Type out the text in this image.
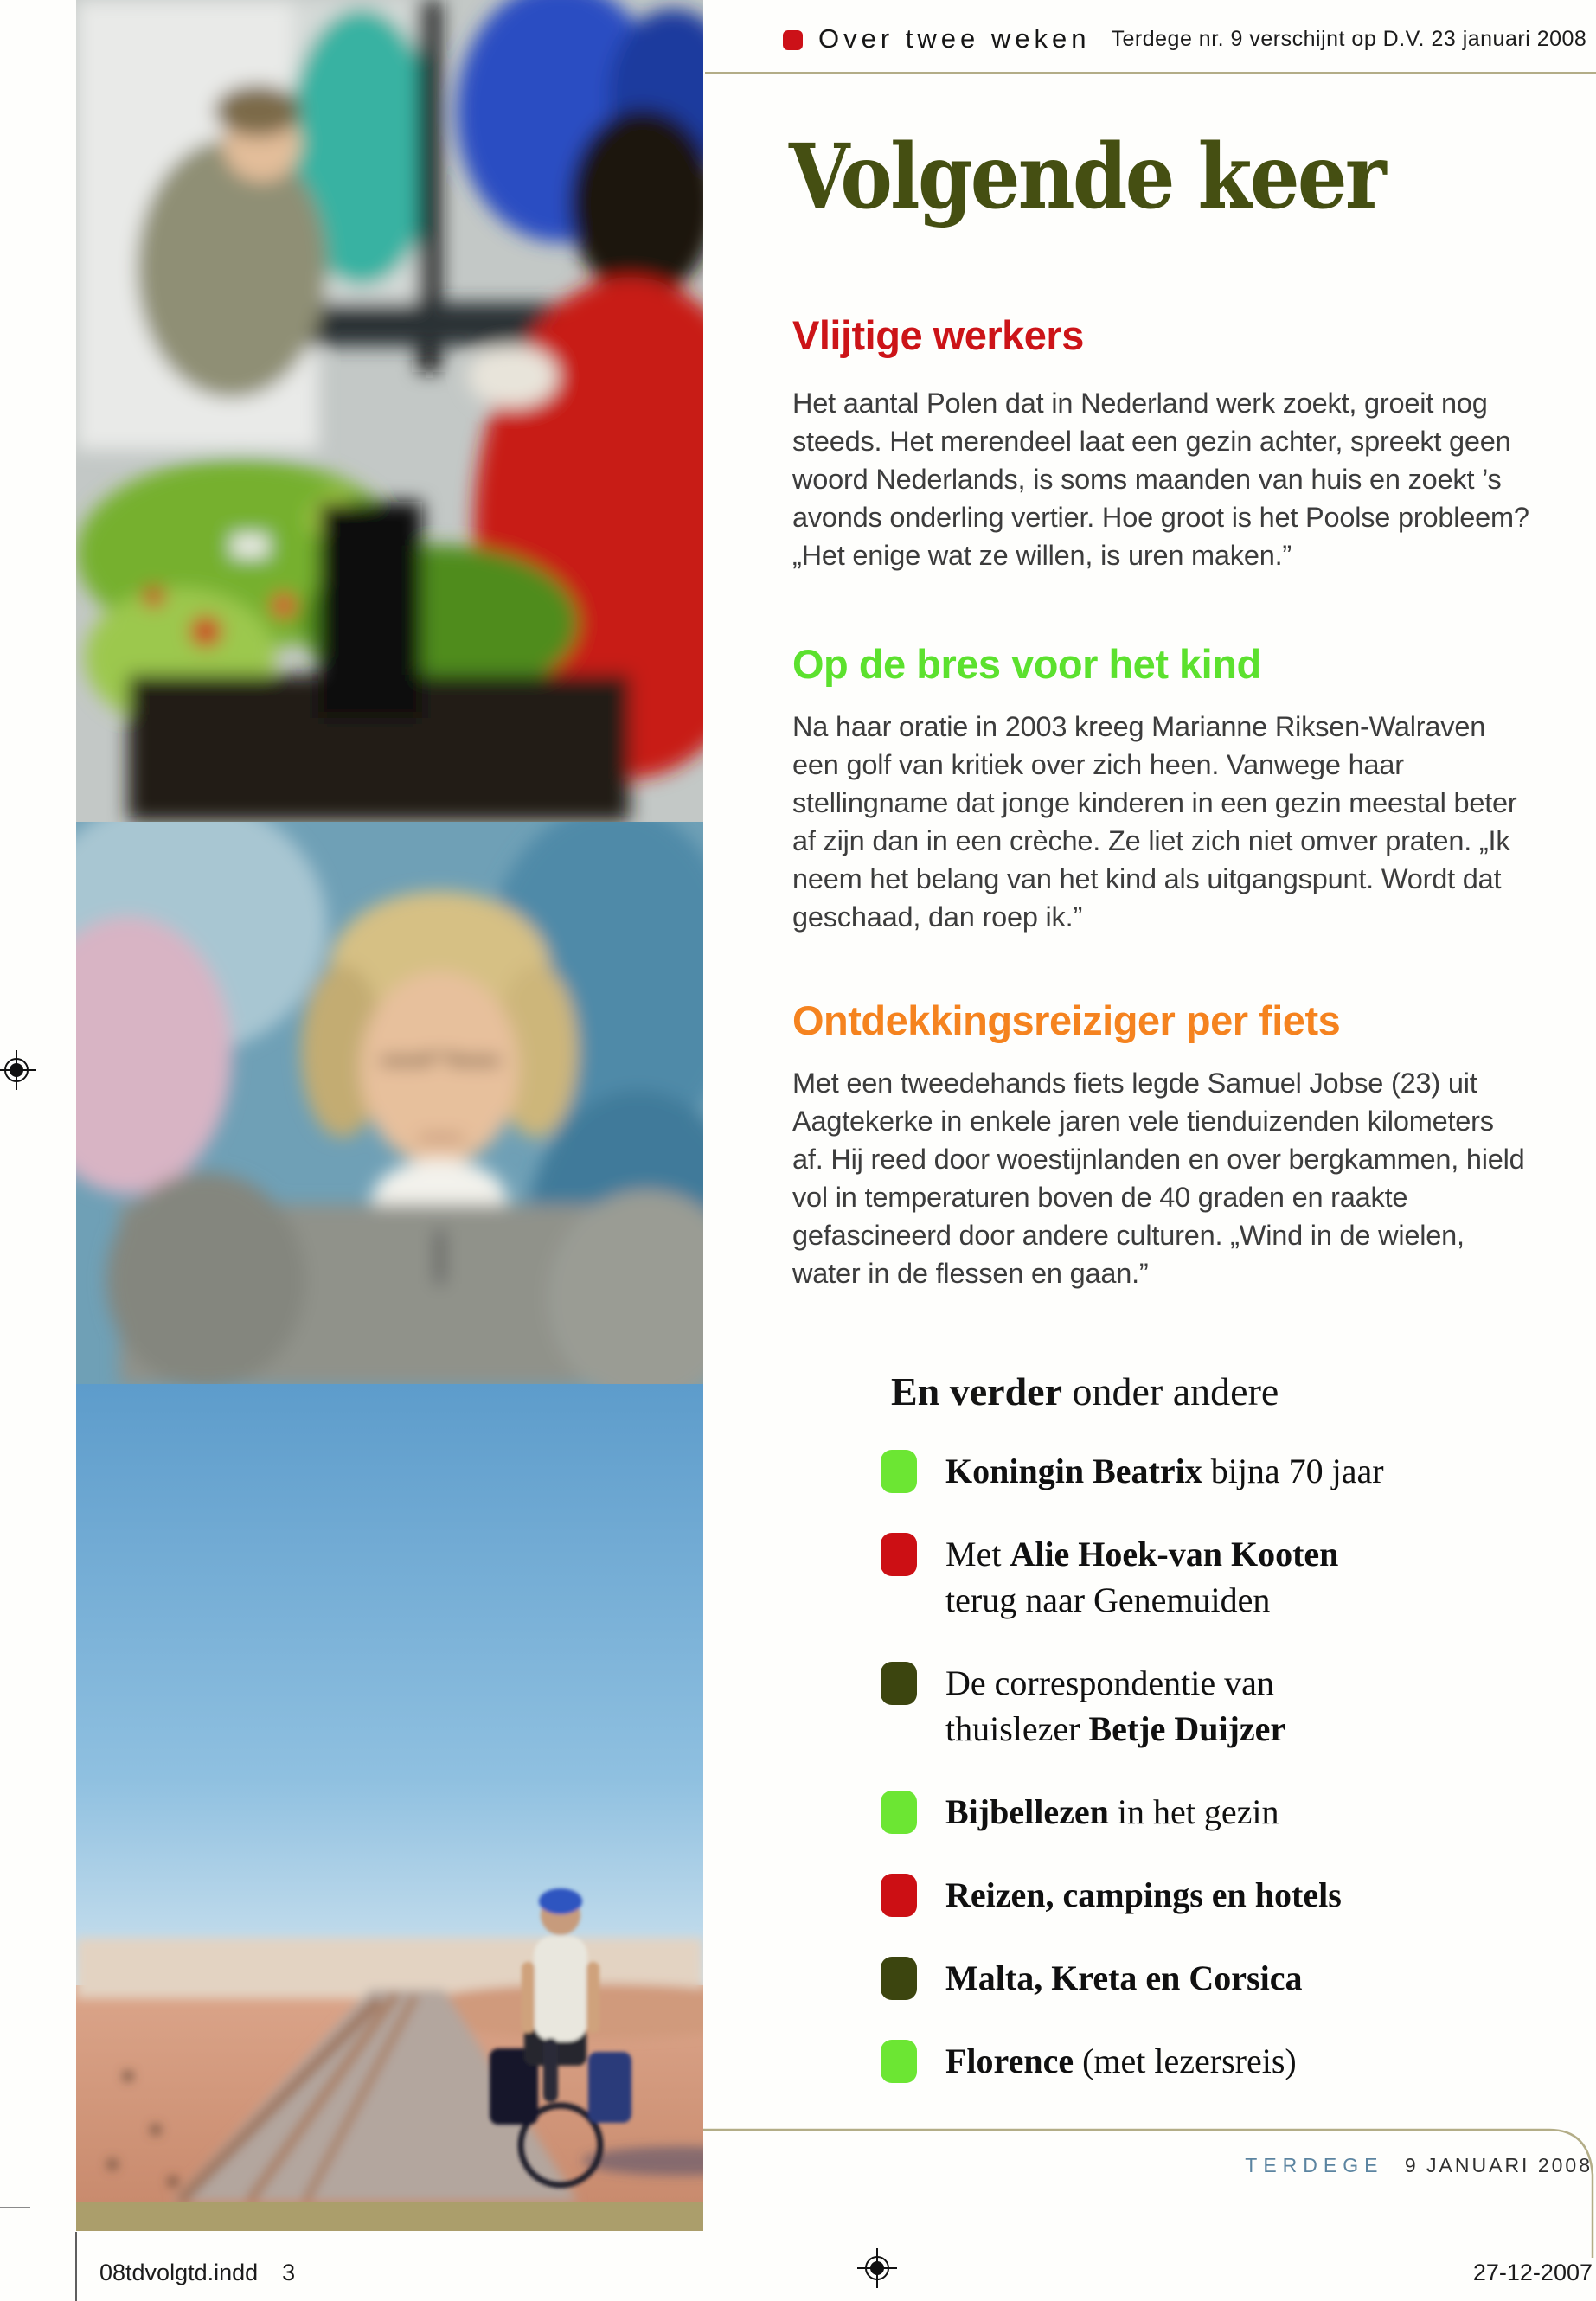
Over twee weken Terdege nr. 9 verschijnt op D.V. 23 januari 2008
Volgende keer
Vlijtige werkers

Het aantal Polen dat in Nederland werk zoekt, groeit nog steeds. Het merendeel laat een gezin achter, spreekt geen woord Nederlands, is soms maanden van huis en zoekt ’s avonds onderling vertier. Hoe groot is het Poolse probleem? „Het enige wat ze willen, is uren maken.”

Op de bres voor het kind

Na haar oratie in 2003 kreeg Marianne Riksen-Walraven een golf van kritiek over zich heen. Vanwege haar stellingname dat jonge kinderen in een gezin meestal beter af zijn dan in een crèche. Ze liet zich niet omver praten. „Ik neem het belang van het kind als uitgangspunt. Wordt dat geschaad, dan roep ik.”

Ontdekkingsreiziger per fiets

Met een tweedehands fiets legde Samuel Jobse (23) uit Aagtekerke in enkele jaren vele tienduizenden kilometers af. Hij reed door woestijnlanden en over bergkammen, hield vol in temperaturen boven de 40 graden en raakte gefascineerd door andere culturen. „Wind in de wielen, water in de flessen en gaan.”

En verder onder andere
Koningin Beatrix bijna 70 jaar
Met Alie Hoek-van Kooten
terug naar Genemuiden
De correspondentie van
thuislezer Betje Duijzer
Bijbellezen in het gezin
Reizen, campings en hotels
Malta, Kreta en Corsica
Florence (met lezersreis)
TERDEGE 9 JANUARI 2008
08tdvolgtd.indd 3	27-12-2007
